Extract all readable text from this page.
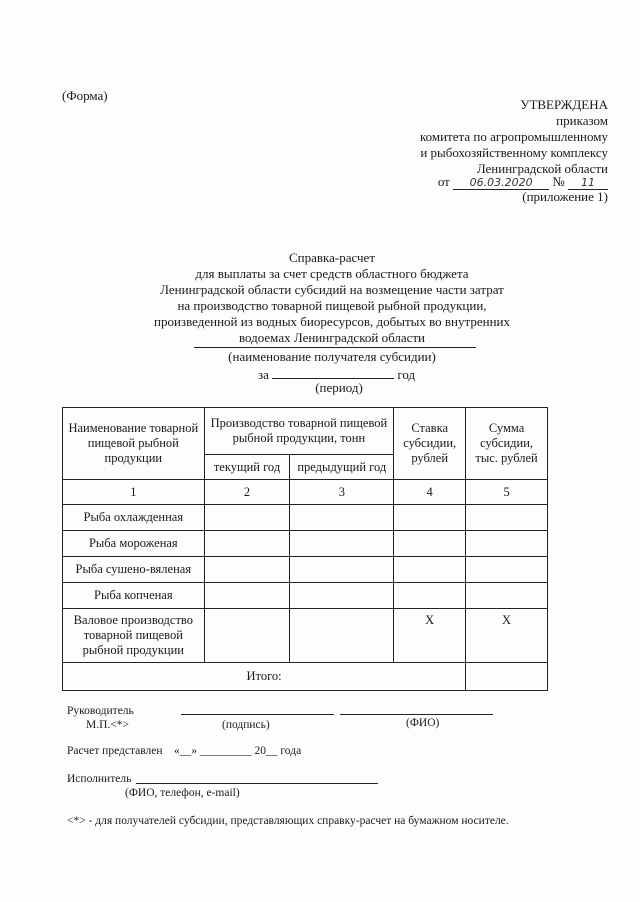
(Форма)
УТВЕРЖДЕНА
приказом
комитета по агропромышленному
и рыбохозяйственному комплексу
Ленинградской области
от 06.03.2020 № 11
(приложение 1)
Справка-расчет
для выплаты за счет средств областного бюджета
Ленинградской области субсидий на возмещение части затрат
на производство товарной пищевой рыбной продукции,
произведенной из водных биоресурсов, добытых во внутренних
водоемах Ленинградской области
(наименование получателя субсидии)
за	год
(период)
Наименование товарной пищевой рыбной продукции	Производство товарной пищевой рыбной продукции, тонн		Ставка субсидии, рублей	Сумма субсидии, тыс. рублей
	текущий год	предыдущий год		
1	2	3	4	5
Рыба охлажденная				
Рыба мороженая				
Рыба сушено-вяленая				
Рыба копченая				
Валовое производство товарной пищевой рыбной продукции			X	X
Итого:				
Руководитель
М.П.<*>	(подпись)	(ФИО)
Расчет представлен «__» _________ 20__ года
Исполнитель
(ФИО, телефон, e-mail)
<*> - для получателей субсидии, представляющих справку-расчет на бумажном носителе.
